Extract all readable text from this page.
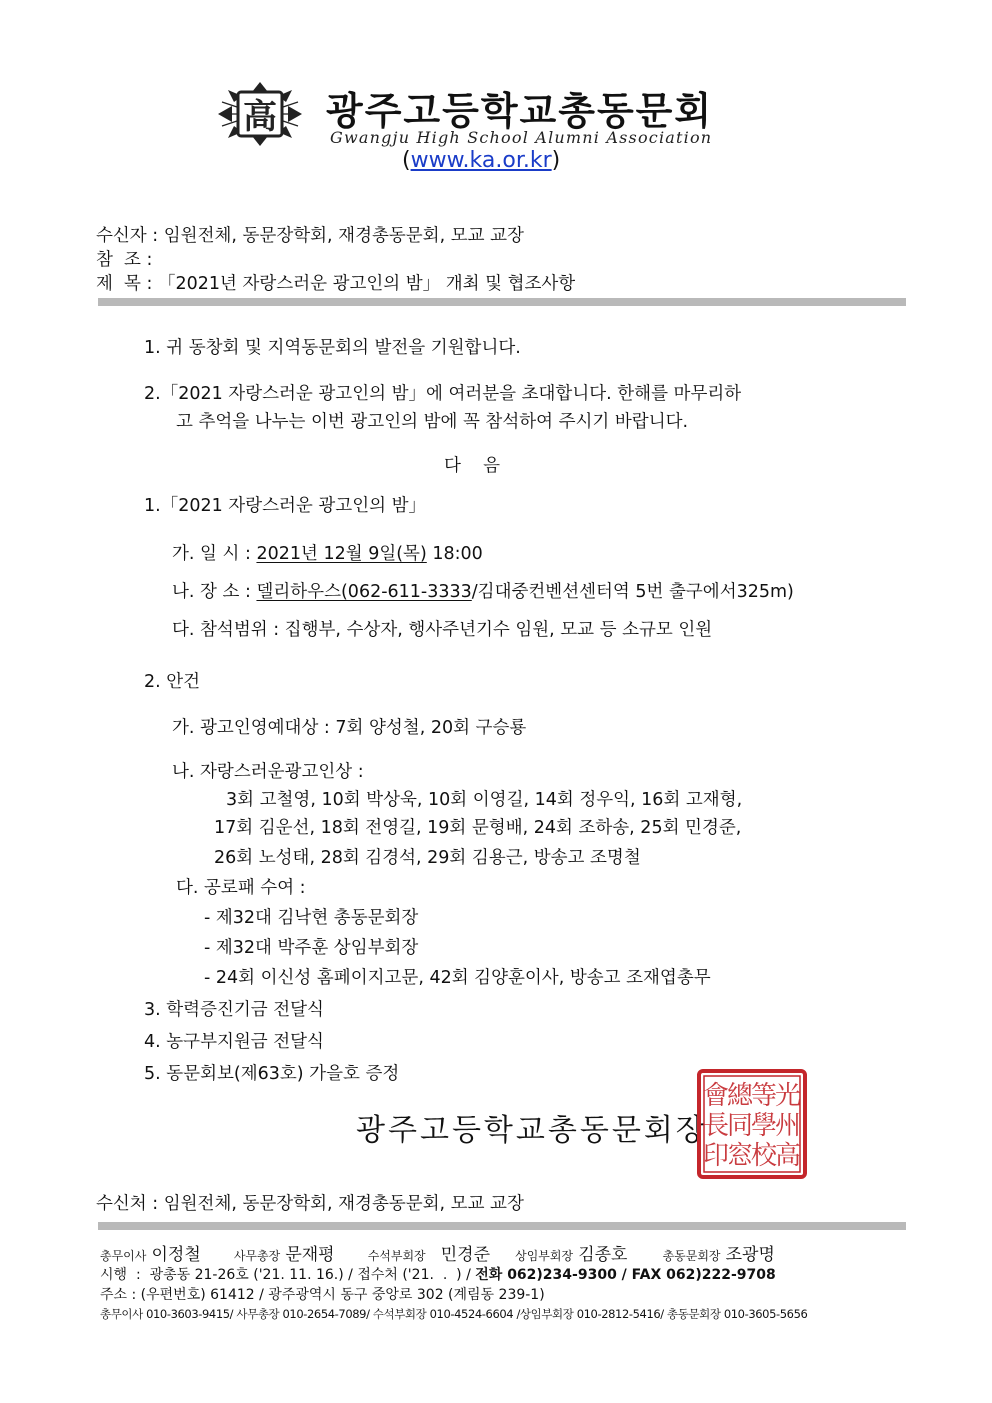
高 광주고등학교총동문회
Gwangju High School Alumni Association
(www.ka.or.kr)
수신자 : 임원전체, 동문장학회, 재경총동문회, 모교 교장
참  조 :
제  목 : 「2021년 자랑스러운 광고인의 밤」 개최 및 협조사항
1. 귀 동창회 및 지역동문회의 발전을 기원합니다.
2.「2021 자랑스러운 광고인의 밤」에 여러분을 초대합니다. 한해를 마무리하
고 추억을 나누는 이번 광고인의 밤에 꼭 참석하여 주시기 바랍니다.
다    음
1.「2021 자랑스러운 광고인의 밤」
가. 일 시 : 2021년 12월 9일(목) 18:00
나. 장 소 : 델리하우스(062-611-3333/김대중컨벤션센터역 5번 출구에서325m)
다. 참석범위 : 집행부, 수상자, 행사주년기수 임원, 모교 등 소규모 인원
2. 안건
가. 광고인영예대상 : 7회 양성철, 20회 구승룡
나. 자랑스러운광고인상 :
3회 고철영, 10회 박상욱, 10회 이영길, 14회 정우익, 16회 고재형,
17회 김운선, 18회 전영길, 19회 문형배, 24회 조하송, 25회 민경준,
26회 노성태, 28회 김경석, 29회 김용근, 방송고 조명철
다. 공로패 수여 :
- 제32대 김낙현 총동문회장
- 제32대 박주훈 상임부회장
- 24회 이신성 홈페이지고문, 42회 김양훈이사, 방송고 조재엽총무
3. 학력증진기금 전달식
4. 농구부지원금 전달식
5. 동문회보(제63호) 가을호 증정
광주고등학교총동문회장
光
州
高
等
學
校
總
同
窓
會
長
印
수신처 : 임원전체, 동문장학회, 재경총동문회, 모교 교장
총무이사 이정철	사무총장 문재평	수석부회장 민경준 상임부회장 김종호	총동문회장 조광명
시행  :  광총동 21-26호 ('21. 11. 16.) / 접수처 ('21.  .  ) / 전화 062)234-9300 / FAX 062)222-9708
주소 : (우편번호) 61412 / 광주광역시 동구 중앙로 302 (계림동 239-1)
총무이사 010-3603-9415/ 사무총장 010-2654-7089/ 수석부회장 010-4524-6604 /상임부회장 010-2812-5416/ 총동문회장 010-3605-5656
